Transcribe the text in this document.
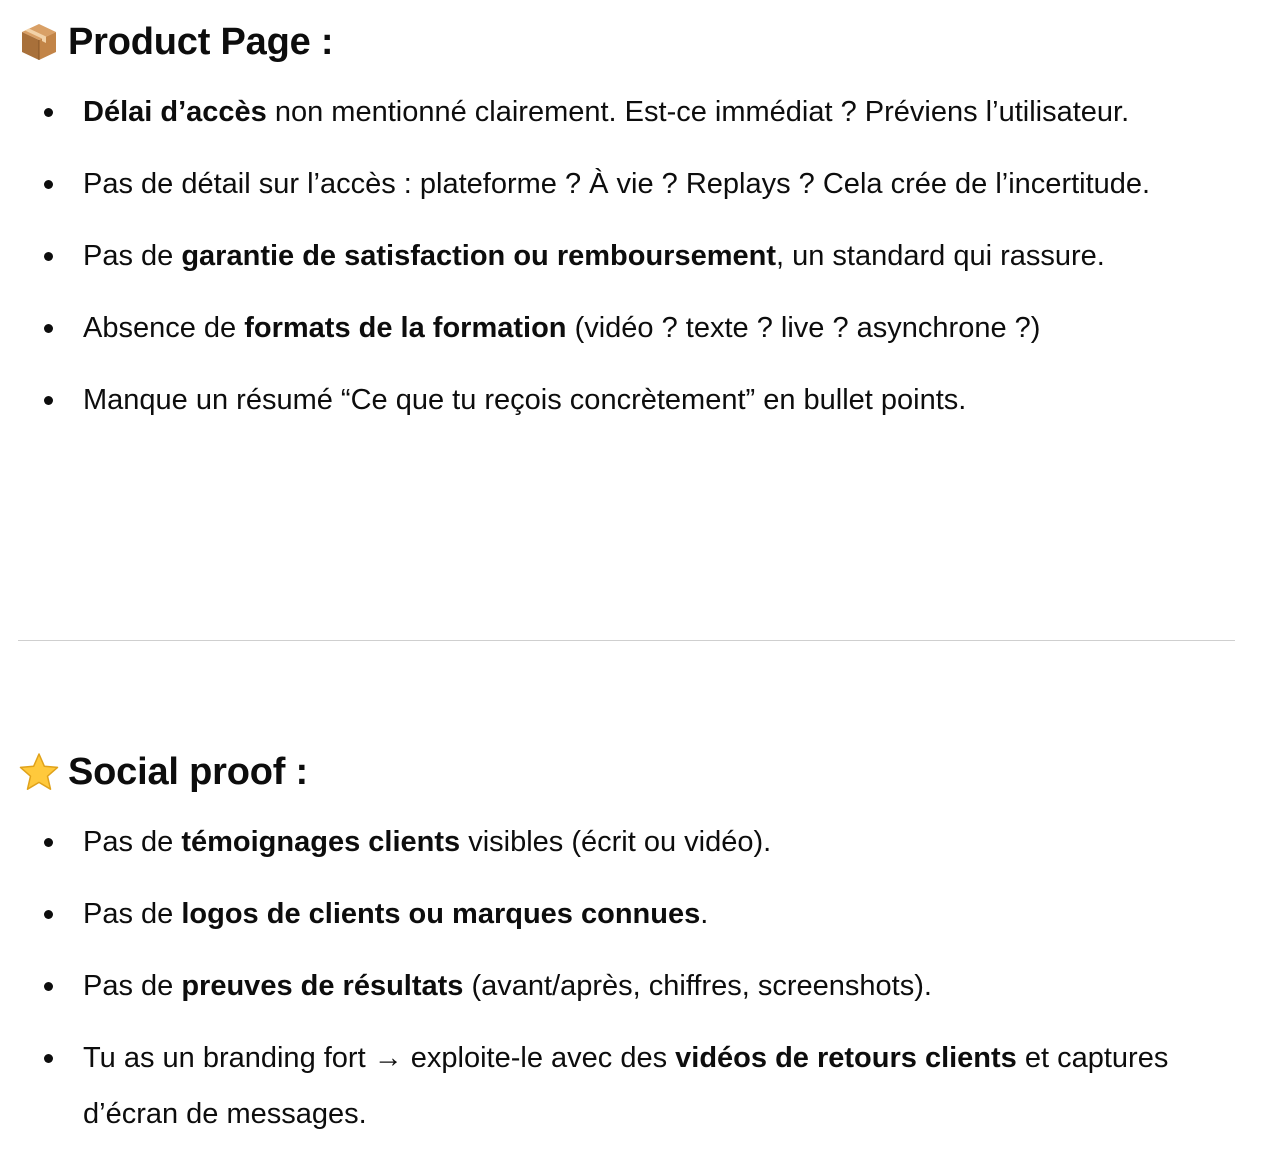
Product Page :
Délai d’accès non mentionné clairement. Est-ce immédiat ? Préviens l’utilisateur.
Pas de détail sur l’accès : plateforme ? À vie ? Replays ? Cela crée de l’incertitude.
Pas de garantie de satisfaction ou remboursement, un standard qui rassure.
Absence de formats de la formation (vidéo ? texte ? live ? asynchrone ?)
Manque un résumé “Ce que tu reçois concrètement” en bullet points.
Social proof :
Pas de témoignages clients visibles (écrit ou vidéo).
Pas de logos de clients ou marques connues.
Pas de preuves de résultats (avant/après, chiffres, screenshots).
Tu as un branding fort → exploite-le avec des vidéos de retours clients et captures d’écran de messages.
